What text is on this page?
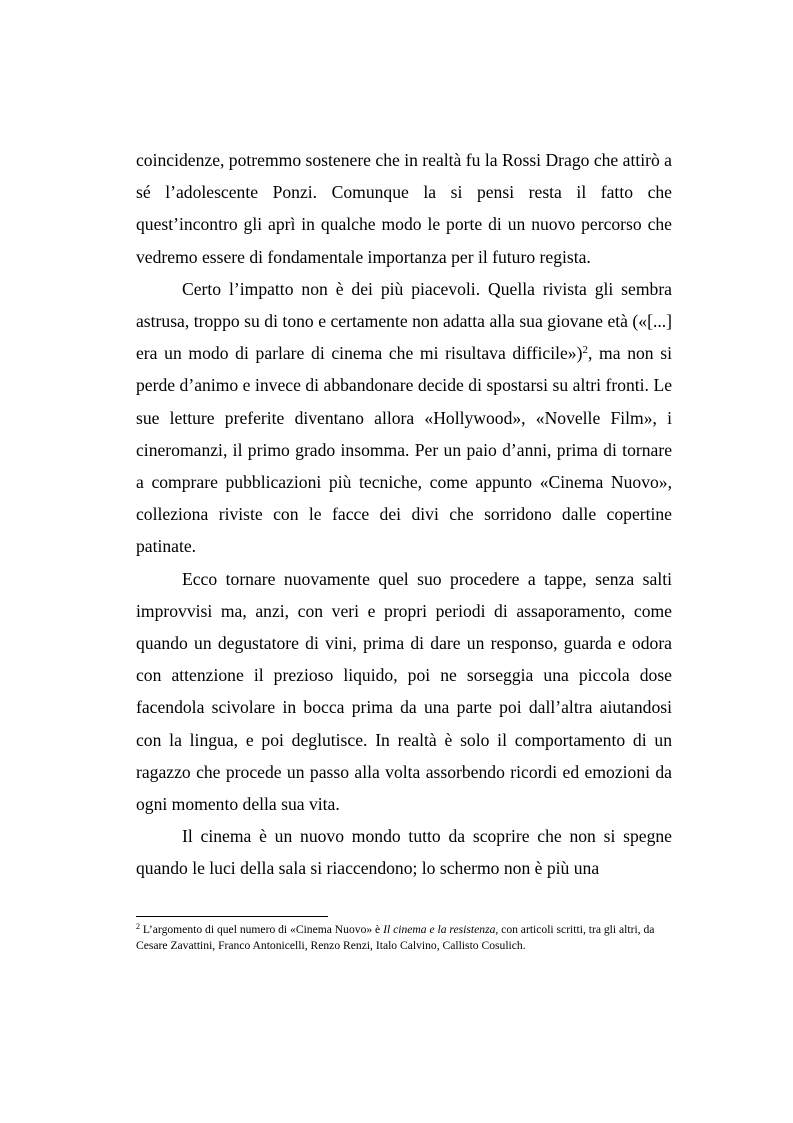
coincidenze, potremmo sostenere che in realtà fu la Rossi Drago che attirò a sé l’adolescente Ponzi. Comunque la si pensi resta il fatto che quest’incontro gli aprì in qualche modo le porte di un nuovo percorso che vedremo essere di fondamentale importanza per il futuro regista.

Certo l’impatto non è dei più piacevoli. Quella rivista gli sembra astrusa, troppo su di tono e certamente non adatta alla sua giovane età («[...] era un modo di parlare di cinema che mi risultava difficile»)$^2$, ma non si perde d’animo e invece di abbandonare decide di spostarsi su altri fronti. Le sue letture preferite diventano allora «Hollywood», «Novelle Film», i cineromanzi, il primo grado insomma. Per un paio d’anni, prima di tornare a comprare pubblicazioni più tecniche, come appunto «Cinema Nuovo», colleziona riviste con le facce dei divi che sorridono dalle copertine patinate.

Ecco tornare nuovamente quel suo procedere a tappe, senza salti improvvisi ma, anzi, con veri e propri periodi di assaporamento, come quando un degustatore di vini, prima di dare un responso, guarda e odora con attenzione il prezioso liquido, poi ne sorseggia una piccola dose facendola scivolare in bocca prima da una parte poi dall’altra aiutandosi con la lingua, e poi deglutisce. In realtà è solo il comportamento di un ragazzo che procede un passo alla volta assorbendo ricordi ed emozioni da ogni momento della sua vita.

Il cinema è un nuovo mondo tutto da scoprire che non si spegne quando le luci della sala si riaccendono; lo schermo non è più una

$^2$ L’argomento di quel numero di «Cinema Nuovo» è Il cinema e la resistenza, con articoli scritti, tra gli altri, da Cesare Zavattini, Franco Antonicelli, Renzo Renzi, Italo Calvino, Callisto Cosulich.
